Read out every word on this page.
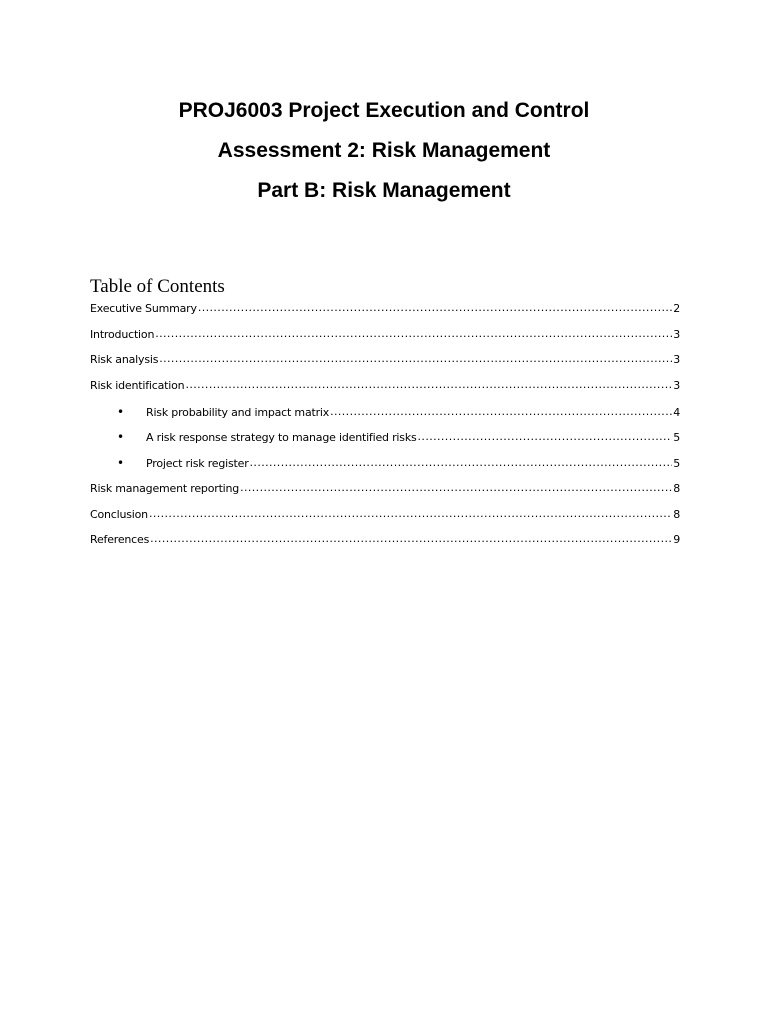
PROJ6003 Project Execution and Control
Assessment 2: Risk Management
Part B: Risk Management
Table of Contents
Executive Summary .....	2
Introduction .....	3
Risk analysis .....	3
Risk identification .....	3
•	Risk probability and impact matrix .....	4
•	A risk response strategy to manage identified risks .....	5
•	Project risk register .....	5
Risk management reporting .....	8
Conclusion .....	8
References .....	9
